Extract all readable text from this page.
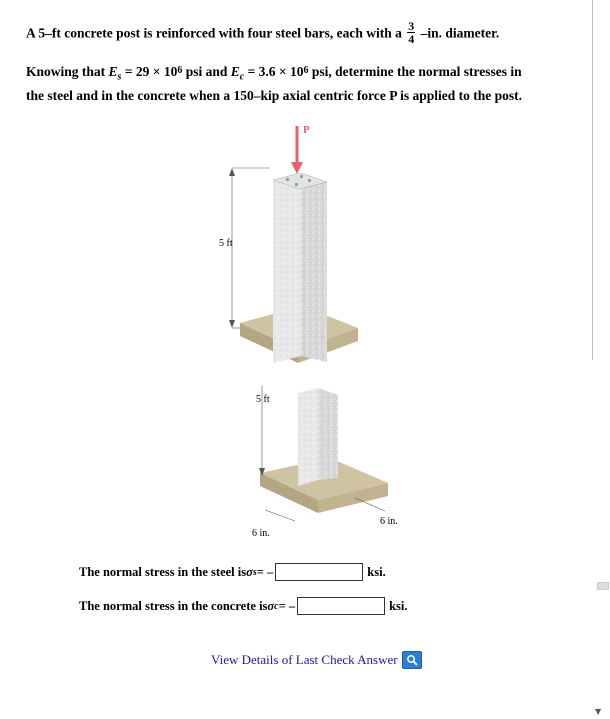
A 5–ft concrete post is reinforced with four steel bars, each with a $\frac{3}{4} -in$. diameter.
Knowing that $E_s = 29 \times 10^6$ psi and $E_c = 3.6 \times 10^6$ psi, determine the normal stresses in
the steel and in the concrete when a 150–kip axial centric force P is applied to the post.
P
5 ft
5 ft
6 in.
6 in.
The normal stress in the steel is σ s = –	ksi.
The normal stress in the concrete is σ c = –	ksi.
View Details of Last Check Answer
▼
